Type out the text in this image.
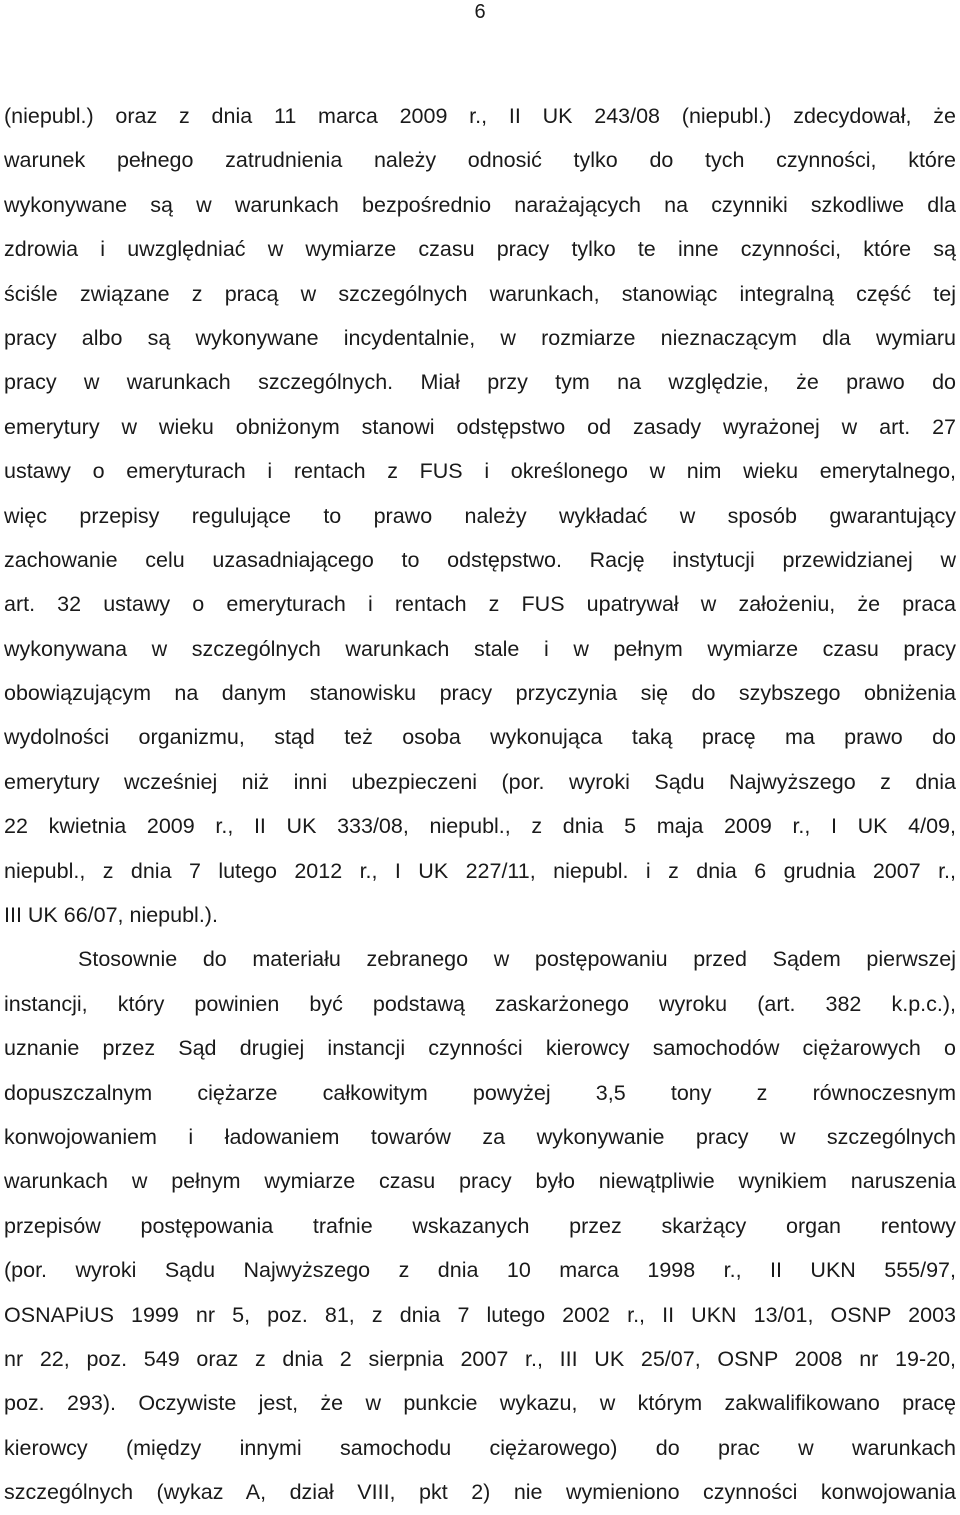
6
(niepubl.) oraz z dnia 11 marca 2009 r., II UK 243/08 (niepubl.) zdecydował, że
warunek pełnego zatrudnienia należy odnosić tylko do tych czynności, które
wykonywane są w warunkach bezpośrednio narażających na czynniki szkodliwe dla
zdrowia i uwzględniać w wymiarze czasu pracy tylko te inne czynności, które są
ściśle związane z pracą w szczególnych warunkach, stanowiąc integralną część tej
pracy albo są wykonywane incydentalnie, w rozmiarze nieznaczącym dla wymiaru
pracy w warunkach szczególnych. Miał przy tym na względzie, że prawo do
emerytury w wieku obniżonym stanowi odstępstwo od zasady wyrażonej w art. 27
ustawy o emeryturach i rentach z FUS i określonego w nim wieku emerytalnego,
więc przepisy regulujące to prawo należy wykładać w sposób gwarantujący
zachowanie celu uzasadniającego to odstępstwo. Rację instytucji przewidzianej w
art. 32 ustawy o emeryturach i rentach z FUS upatrywał w założeniu, że praca
wykonywana w szczególnych warunkach stale i w pełnym wymiarze czasu pracy
obowiązującym na danym stanowisku pracy przyczynia się do szybszego obniżenia
wydolności organizmu, stąd też osoba wykonująca taką pracę ma prawo do
emerytury wcześniej niż inni ubezpieczeni (por. wyroki Sądu Najwyższego z dnia
22 kwietnia 2009 r., II UK 333/08, niepubl., z dnia 5 maja 2009 r., I UK 4/09,
niepubl., z dnia 7 lutego 2012 r., I UK 227/11, niepubl. i z dnia 6 grudnia 2007 r.,
III UK 66/07, niepubl.).
Stosownie do materiału zebranego w postępowaniu przed Sądem pierwszej
instancji, który powinien być podstawą zaskarżonego wyroku (art. 382 k.p.c.),
uznanie przez Sąd drugiej instancji czynności kierowcy samochodów ciężarowych o
dopuszczalnym ciężarze całkowitym powyżej 3,5 tony z równoczesnym
konwojowaniem i ładowaniem towarów za wykonywanie pracy w szczególnych
warunkach w pełnym wymiarze czasu pracy było niewątpliwie wynikiem naruszenia
przepisów postępowania trafnie wskazanych przez skarżący organ rentowy
(por. wyroki Sądu Najwyższego z dnia 10 marca 1998 r., II UKN 555/97,
OSNAPiUS 1999 nr 5, poz. 81, z dnia 7 lutego 2002 r., II UKN 13/01, OSNP 2003
nr 22, poz. 549 oraz z dnia 2 sierpnia 2007 r., III UK 25/07, OSNP 2008 nr 19-20,
poz. 293). Oczywiste jest, że w punkcie wykazu, w którym zakwalifikowano pracę
kierowcy (między innymi samochodu ciężarowego) do prac w warunkach
szczególnych (wykaz A, dział VIII, pkt 2) nie wymieniono czynności konwojowania
